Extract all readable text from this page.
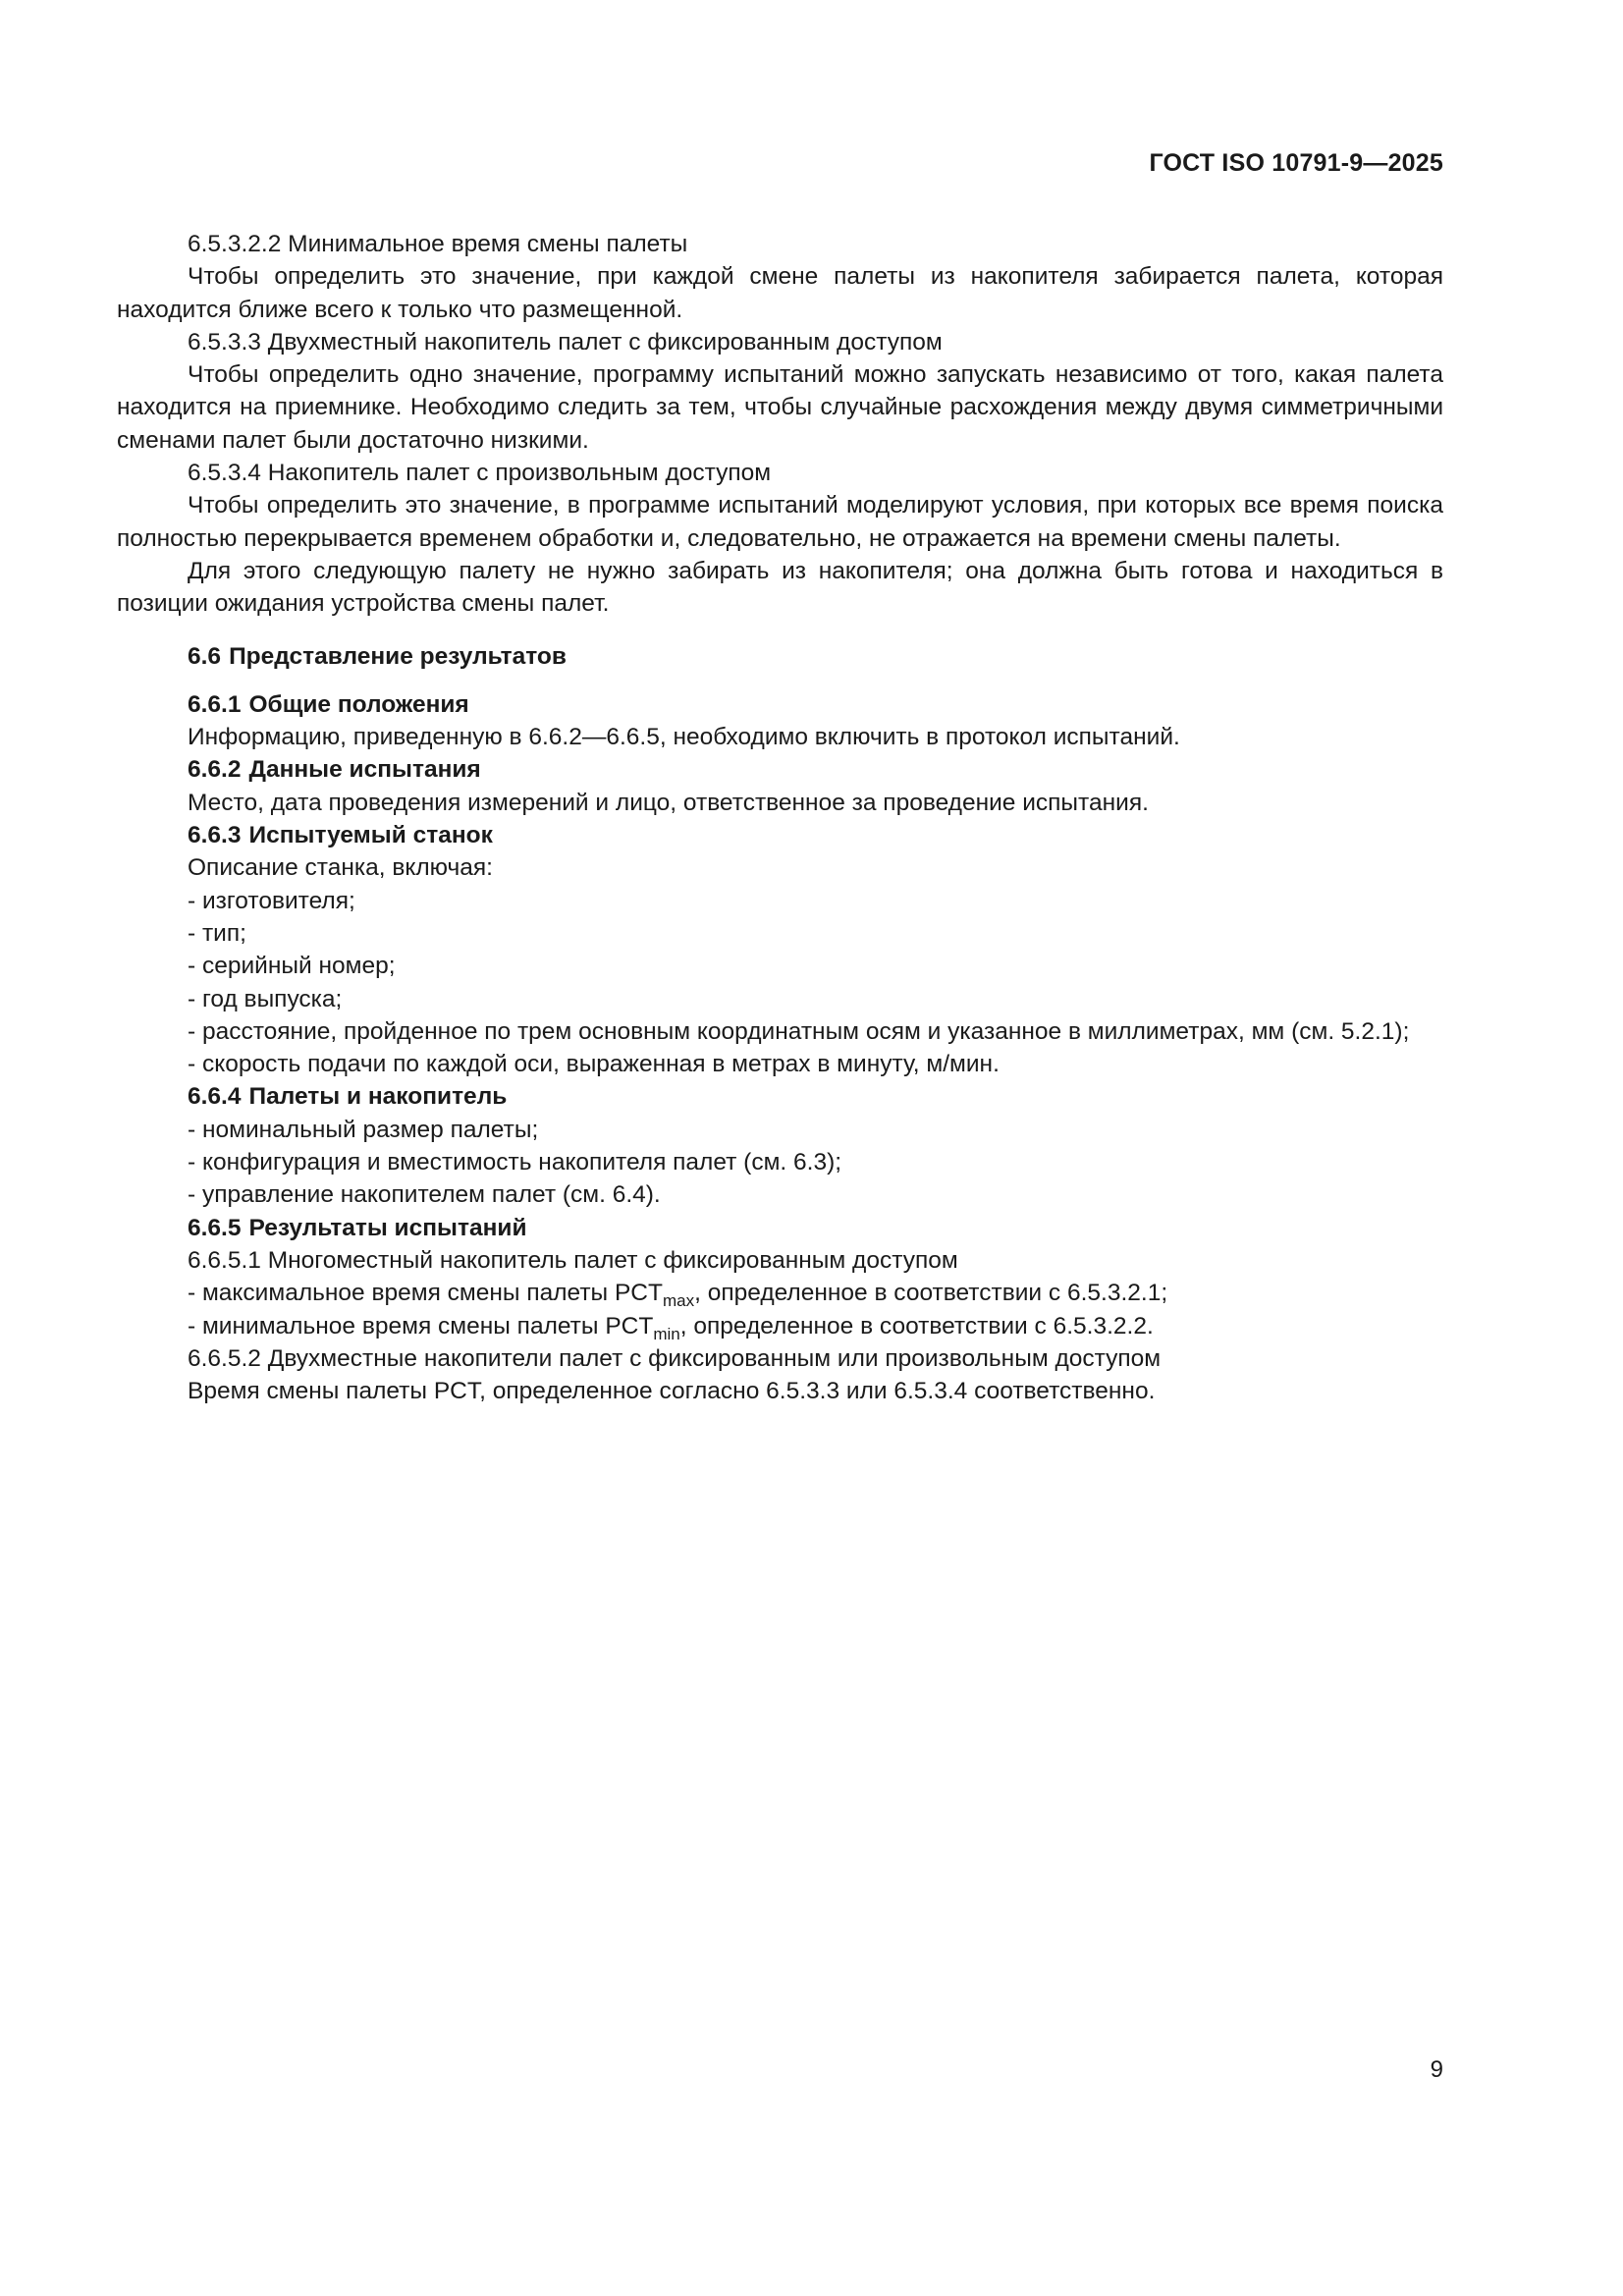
ГОСТ ISO 10791-9—2025

6.5.3.2.2 Минимальное время смены палеты

Чтобы определить это значение, при каждой смене палеты из накопителя забирается палета, которая находится ближе всего к только что размещенной.

6.5.3.3 Двухместный накопитель палет с фиксированным доступом

Чтобы определить одно значение, программу испытаний можно запускать независимо от того, какая палета находится на приемнике. Необходимо следить за тем, чтобы случайные расхождения между двумя симметричными сменами палет были достаточно низкими.

6.5.3.4 Накопитель палет с произвольным доступом

Чтобы определить это значение, в программе испытаний моделируют условия, при которых все время поиска полностью перекрывается временем обработки и, следовательно, не отражается на времени смены палеты.

Для этого следующую палету не нужно забирать из накопителя; она должна быть готова и находиться в позиции ожидания устройства смены палет.

6.6 Представление результатов

6.6.1 Общие положения

Информацию, приведенную в 6.6.2—6.6.5, необходимо включить в протокол испытаний.

6.6.2 Данные испытания

Место, дата проведения измерений и лицо, ответственное за проведение испытания.

6.6.3 Испытуемый станок

Описание станка, включая:

- изготовителя;

- тип;

- серийный номер;

- год выпуска;

- расстояние, пройденное по трем основным координатным осям и указанное в миллиметрах, мм (см. 5.2.1);

- скорость подачи по каждой оси, выраженная в метрах в минуту, м/мин.

6.6.4 Палеты и накопитель

- номинальный размер палеты;

- конфигурация и вместимость накопителя палет (см. 6.3);

- управление накопителем палет (см. 6.4).

6.6.5 Результаты испытаний

6.6.5.1 Многоместный накопитель палет с фиксированным доступом

- максимальное время смены палеты $PCT_{max}$, определенное в соответствии с 6.5.3.2.1;

- минимальное время смены палеты $PCT_{min}$, определенное в соответствии с 6.5.3.2.2.

6.6.5.2 Двухместные накопители палет с фиксированным или произвольным доступом

Время смены палеты PCT, определенное согласно 6.5.3.3 или 6.5.3.4 соответственно.

9
